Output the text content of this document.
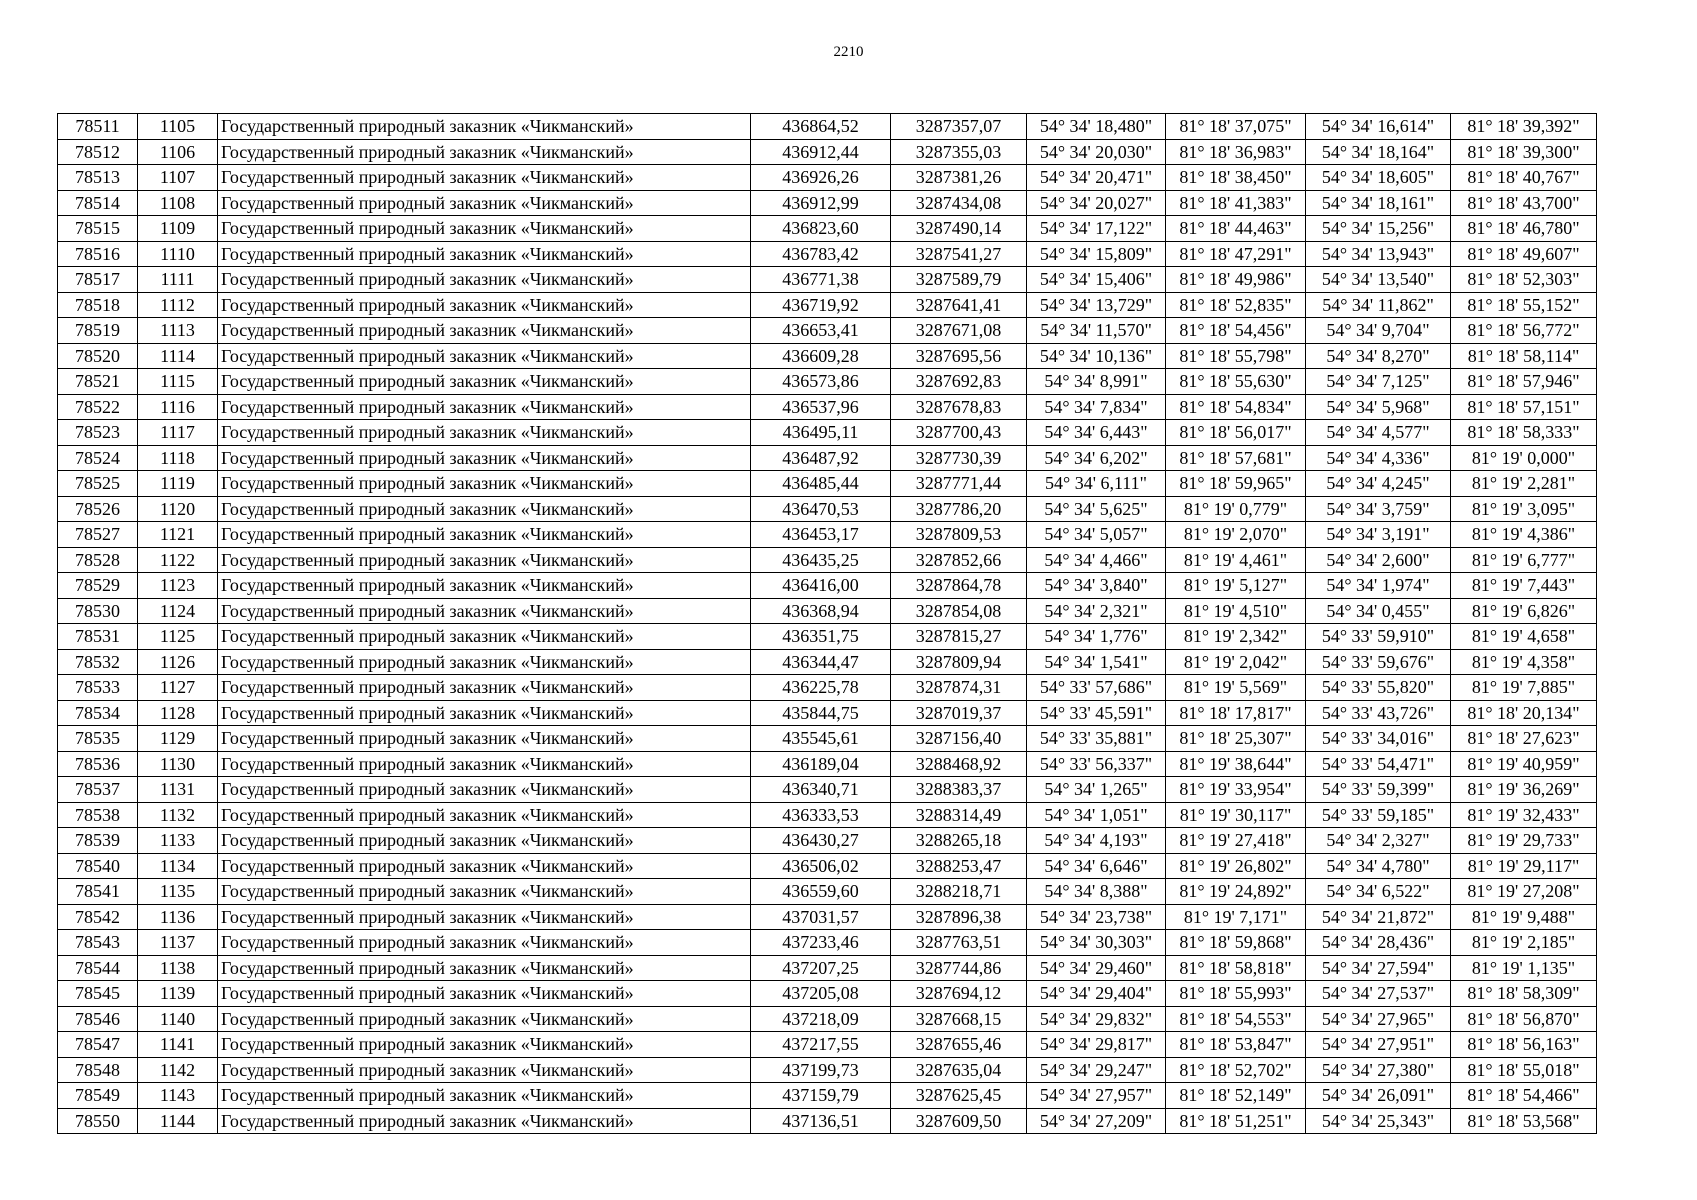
2210
78511	1105	Государственный природный заказник «Чикманский»	436864,52	3287357,07	54° 34' 18,480"	81° 18' 37,075"	54° 34' 16,614"	81° 18' 39,392"
78512	1106	Государственный природный заказник «Чикманский»	436912,44	3287355,03	54° 34' 20,030"	81° 18' 36,983"	54° 34' 18,164"	81° 18' 39,300"
78513	1107	Государственный природный заказник «Чикманский»	436926,26	3287381,26	54° 34' 20,471"	81° 18' 38,450"	54° 34' 18,605"	81° 18' 40,767"
78514	1108	Государственный природный заказник «Чикманский»	436912,99	3287434,08	54° 34' 20,027"	81° 18' 41,383"	54° 34' 18,161"	81° 18' 43,700"
78515	1109	Государственный природный заказник «Чикманский»	436823,60	3287490,14	54° 34' 17,122"	81° 18' 44,463"	54° 34' 15,256"	81° 18' 46,780"
78516	1110	Государственный природный заказник «Чикманский»	436783,42	3287541,27	54° 34' 15,809"	81° 18' 47,291"	54° 34' 13,943"	81° 18' 49,607"
78517	1111	Государственный природный заказник «Чикманский»	436771,38	3287589,79	54° 34' 15,406"	81° 18' 49,986"	54° 34' 13,540"	81° 18' 52,303"
78518	1112	Государственный природный заказник «Чикманский»	436719,92	3287641,41	54° 34' 13,729"	81° 18' 52,835"	54° 34' 11,862"	81° 18' 55,152"
78519	1113	Государственный природный заказник «Чикманский»	436653,41	3287671,08	54° 34' 11,570"	81° 18' 54,456"	54° 34' 9,704"	81° 18' 56,772"
78520	1114	Государственный природный заказник «Чикманский»	436609,28	3287695,56	54° 34' 10,136"	81° 18' 55,798"	54° 34' 8,270"	81° 18' 58,114"
78521	1115	Государственный природный заказник «Чикманский»	436573,86	3287692,83	54° 34' 8,991"	81° 18' 55,630"	54° 34' 7,125"	81° 18' 57,946"
78522	1116	Государственный природный заказник «Чикманский»	436537,96	3287678,83	54° 34' 7,834"	81° 18' 54,834"	54° 34' 5,968"	81° 18' 57,151"
78523	1117	Государственный природный заказник «Чикманский»	436495,11	3287700,43	54° 34' 6,443"	81° 18' 56,017"	54° 34' 4,577"	81° 18' 58,333"
78524	1118	Государственный природный заказник «Чикманский»	436487,92	3287730,39	54° 34' 6,202"	81° 18' 57,681"	54° 34' 4,336"	81° 19' 0,000"
78525	1119	Государственный природный заказник «Чикманский»	436485,44	3287771,44	54° 34' 6,111"	81° 18' 59,965"	54° 34' 4,245"	81° 19' 2,281"
78526	1120	Государственный природный заказник «Чикманский»	436470,53	3287786,20	54° 34' 5,625"	81° 19' 0,779"	54° 34' 3,759"	81° 19' 3,095"
78527	1121	Государственный природный заказник «Чикманский»	436453,17	3287809,53	54° 34' 5,057"	81° 19' 2,070"	54° 34' 3,191"	81° 19' 4,386"
78528	1122	Государственный природный заказник «Чикманский»	436435,25	3287852,66	54° 34' 4,466"	81° 19' 4,461"	54° 34' 2,600"	81° 19' 6,777"
78529	1123	Государственный природный заказник «Чикманский»	436416,00	3287864,78	54° 34' 3,840"	81° 19' 5,127"	54° 34' 1,974"	81° 19' 7,443"
78530	1124	Государственный природный заказник «Чикманский»	436368,94	3287854,08	54° 34' 2,321"	81° 19' 4,510"	54° 34' 0,455"	81° 19' 6,826"
78531	1125	Государственный природный заказник «Чикманский»	436351,75	3287815,27	54° 34' 1,776"	81° 19' 2,342"	54° 33' 59,910"	81° 19' 4,658"
78532	1126	Государственный природный заказник «Чикманский»	436344,47	3287809,94	54° 34' 1,541"	81° 19' 2,042"	54° 33' 59,676"	81° 19' 4,358"
78533	1127	Государственный природный заказник «Чикманский»	436225,78	3287874,31	54° 33' 57,686"	81° 19' 5,569"	54° 33' 55,820"	81° 19' 7,885"
78534	1128	Государственный природный заказник «Чикманский»	435844,75	3287019,37	54° 33' 45,591"	81° 18' 17,817"	54° 33' 43,726"	81° 18' 20,134"
78535	1129	Государственный природный заказник «Чикманский»	435545,61	3287156,40	54° 33' 35,881"	81° 18' 25,307"	54° 33' 34,016"	81° 18' 27,623"
78536	1130	Государственный природный заказник «Чикманский»	436189,04	3288468,92	54° 33' 56,337"	81° 19' 38,644"	54° 33' 54,471"	81° 19' 40,959"
78537	1131	Государственный природный заказник «Чикманский»	436340,71	3288383,37	54° 34' 1,265"	81° 19' 33,954"	54° 33' 59,399"	81° 19' 36,269"
78538	1132	Государственный природный заказник «Чикманский»	436333,53	3288314,49	54° 34' 1,051"	81° 19' 30,117"	54° 33' 59,185"	81° 19' 32,433"
78539	1133	Государственный природный заказник «Чикманский»	436430,27	3288265,18	54° 34' 4,193"	81° 19' 27,418"	54° 34' 2,327"	81° 19' 29,733"
78540	1134	Государственный природный заказник «Чикманский»	436506,02	3288253,47	54° 34' 6,646"	81° 19' 26,802"	54° 34' 4,780"	81° 19' 29,117"
78541	1135	Государственный природный заказник «Чикманский»	436559,60	3288218,71	54° 34' 8,388"	81° 19' 24,892"	54° 34' 6,522"	81° 19' 27,208"
78542	1136	Государственный природный заказник «Чикманский»	437031,57	3287896,38	54° 34' 23,738"	81° 19' 7,171"	54° 34' 21,872"	81° 19' 9,488"
78543	1137	Государственный природный заказник «Чикманский»	437233,46	3287763,51	54° 34' 30,303"	81° 18' 59,868"	54° 34' 28,436"	81° 19' 2,185"
78544	1138	Государственный природный заказник «Чикманский»	437207,25	3287744,86	54° 34' 29,460"	81° 18' 58,818"	54° 34' 27,594"	81° 19' 1,135"
78545	1139	Государственный природный заказник «Чикманский»	437205,08	3287694,12	54° 34' 29,404"	81° 18' 55,993"	54° 34' 27,537"	81° 18' 58,309"
78546	1140	Государственный природный заказник «Чикманский»	437218,09	3287668,15	54° 34' 29,832"	81° 18' 54,553"	54° 34' 27,965"	81° 18' 56,870"
78547	1141	Государственный природный заказник «Чикманский»	437217,55	3287655,46	54° 34' 29,817"	81° 18' 53,847"	54° 34' 27,951"	81° 18' 56,163"
78548	1142	Государственный природный заказник «Чикманский»	437199,73	3287635,04	54° 34' 29,247"	81° 18' 52,702"	54° 34' 27,380"	81° 18' 55,018"
78549	1143	Государственный природный заказник «Чикманский»	437159,79	3287625,45	54° 34' 27,957"	81° 18' 52,149"	54° 34' 26,091"	81° 18' 54,466"
78550	1144	Государственный природный заказник «Чикманский»	437136,51	3287609,50	54° 34' 27,209"	81° 18' 51,251"	54° 34' 25,343"	81° 18' 53,568"
